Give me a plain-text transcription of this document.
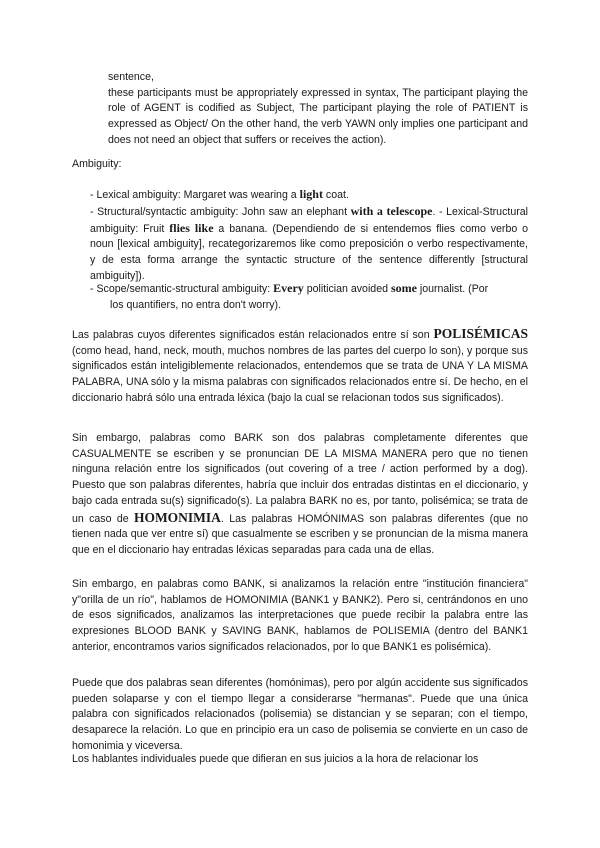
sentence,
these participants must be appropriately expressed in syntax, The participant playing the role of AGENT is codified as Subject, The participant playing the role of PATIENT is expressed as Object/ On the other hand, the verb YAWN only implies one participant and does not need an object that suffers or receives the action).

Ambiguity:

- Lexical ambiguity: Margaret was wearing a light coat.

- Structural/syntactic ambiguity: John saw an elephant with a telescope. - Lexical-Structural ambiguity: Fruit flies like a banana. (Dependiendo de si entendemos flies como verbo o noun [lexical ambiguity], recategorizaremos like como preposición o verbo respectivamente, y de esta forma arrange the syntactic structure of the sentence differently [structural ambiguity]).

- Scope/semantic-structural ambiguity: Every politician avoided some journalist. (Por
los quantifiers, no entra don't worry).

Las palabras cuyos diferentes significados están relacionados entre sí son POLISÉMICAS (como head, hand, neck, mouth, muchos nombres de las partes del cuerpo lo son), y porque sus significados están inteligiblemente relacionados, entendemos que se trata de UNA Y LA MISMA PALABRA, UNA sólo y la misma palabras con significados relacionados entre sí. De hecho, en el diccionario habrá sólo una entrada léxica (bajo la cual se relacionan todos sus significados).

Sin embargo, palabras como BARK son dos palabras completamente diferentes que CASUALMENTE se escriben y se pronuncian DE LA MISMA MANERA pero que no tienen ninguna relación entre los significados (out covering of a tree / action performed by a dog). Puesto que son palabras diferentes, habría que incluir dos entradas distintas en el diccionario, y bajo cada entrada su(s) significado(s). La palabra BARK no es, por tanto, polisémica; se trata de un caso de HOMONIMIA. Las palabras HOMÓNIMAS son palabras diferentes (que no tienen nada que ver entre sí) que casualmente se escriben y se pronuncian de la misma manera que en el diccionario hay entradas léxicas separadas para cada una de ellas.

Sin embargo, en palabras como BANK, si analizamos la relación entre "institución financiera" y"orilla de un río", hablamos de HOMONIMIA (BANK1 y BANK2). Pero si, centrándonos en uno de esos significados, analizamos las interpretaciones que puede recibir la palabra entre las expresiones BLOOD BANK y SAVING BANK, hablamos de POLISEMIA (dentro del BANK1 anterior, encontramos varios significados relacionados, por lo que BANK1 es polisémica).

Puede que dos palabras sean diferentes (homónimas), pero por algún accidente sus significados pueden solaparse y con el tiempo llegar a considerarse "hermanas". Puede que una única palabra con significados relacionados (polisemia) se distancian y se separan; con el tiempo, desaparece la relación. Lo que en principio era un caso de polisemia se convierte en un caso de homonimia y viceversa.

Los hablantes individuales puede que difieran en sus juicios a la hora de relacionar los
